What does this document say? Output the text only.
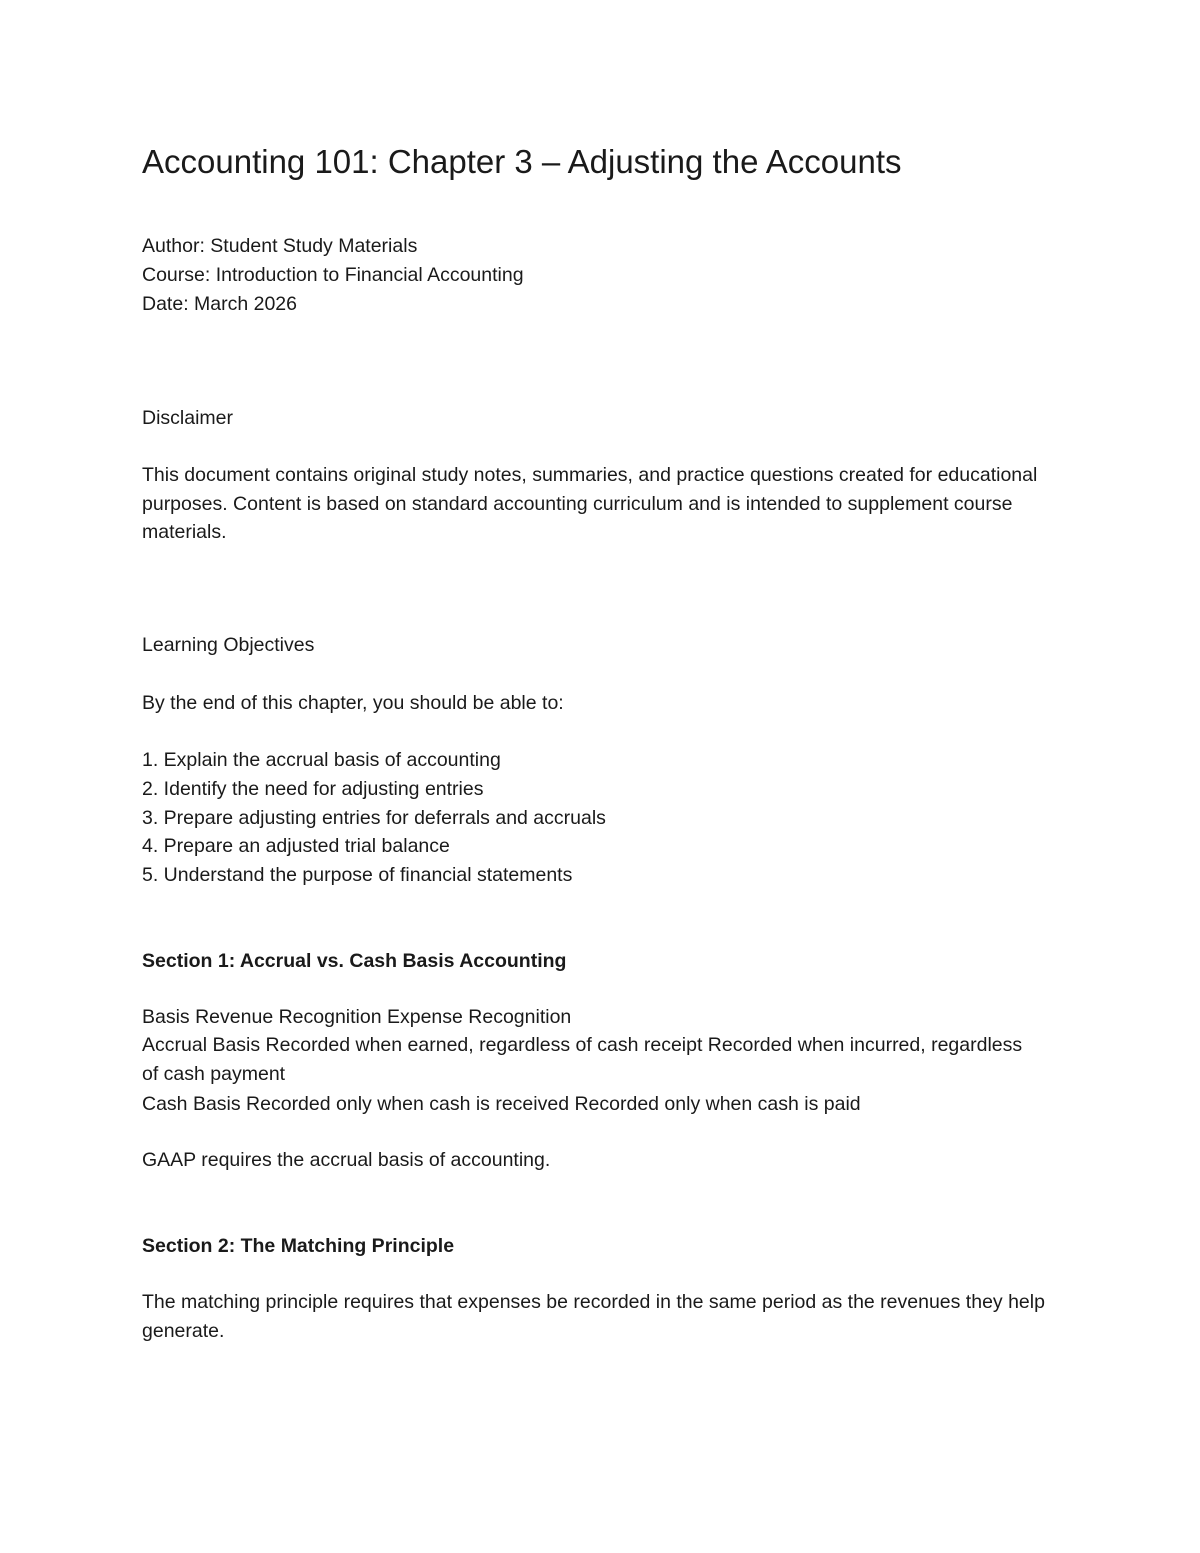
Accounting 101: Chapter 3 – Adjusting the Accounts
Author: Student Study Materials
Course: Introduction to Financial Accounting
Date: March 2026
Disclaimer

This document contains original study notes, summaries, and practice questions created for educational purposes. Content is based on standard accounting curriculum and is intended to supplement course materials.

Learning Objectives
By the end of this chapter, you should be able to:
1. Explain the accrual basis of accounting
2. Identify the need for adjusting entries
3. Prepare adjusting entries for deferrals and accruals
4. Prepare an adjusted trial balance
5. Understand the purpose of financial statements
Section 1: Accrual vs. Cash Basis Accounting
Basis Revenue Recognition Expense Recognition

Accrual Basis Recorded when earned, regardless of cash receipt Recorded when incurred, regardless of cash payment

Cash Basis Recorded only when cash is received Recorded only when cash is paid
GAAP requires the accrual basis of accounting.
Section 2: The Matching Principle

The matching principle requires that expenses be recorded in the same period as the revenues they help generate.
